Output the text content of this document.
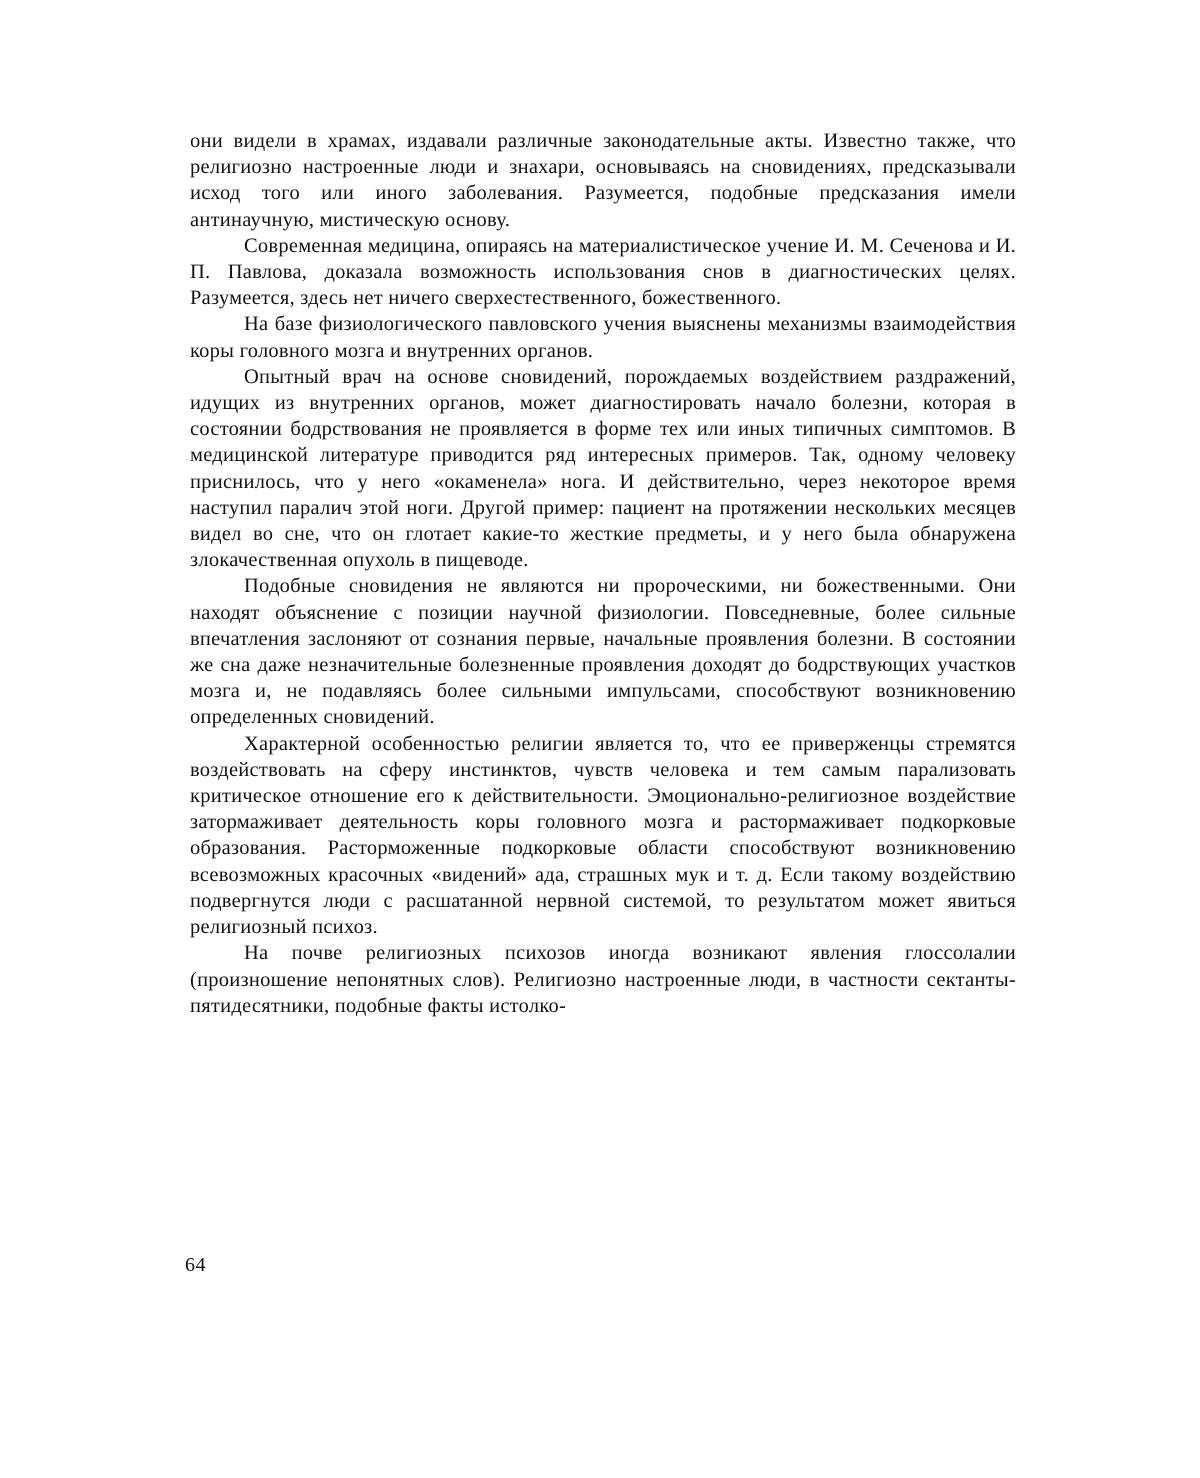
они видели в храмах, издавали различные законодательные акты. Известно также, что религиозно настроенные люди и знахари, осно­вываясь на сновидениях, предсказывали исход того или иного заболе­вания. Разумеется, подобные предсказания имели антинаучную, мис­тическую основу.

Современная медицина, опираясь на материалистическое учение И. М. Сеченова и И. П. Павлова, доказала возможность использова­ния снов в диагностических целях. Разумеется, здесь нет ничего сверх­естественного, божественного.

На базе физиологического павловского учения выяснены механиз­мы взаимодействия коры головного мозга и внутренних органов.

Опытный врач на основе сновидений, порождаемых воздействием раздражений, идущих из внутренних органов, может диагностировать начало болезни, которая в состоянии бодрствования не проявляется в форме тех или иных типичных симптомов. В медицинской литературе приводится ряд интересных примеров. Так, одному человеку присни­лось, что у него «окаменела» нога. И действительно, через некоторое время наступил паралич этой ноги. Другой пример: пациент на протя­жении нескольких месяцев видел во сне, что он глотает какие-то жест­кие предметы, и у него была обнаружена злокачественная опухоль в пищеводе.

Подобные сновидения не являются ни пророческими, ни божест­венными. Они находят объяснение с позиции научной физиологии. Повседневные, более сильные впечатления заслоняют от сознания пер­вые, начальные проявления болезни. В состоянии же сна даже незна­чительные болезненные проявления доходят до бодрствующих участ­ков мозга и, не подавляясь более сильными импульсами, способствуют возникновению определенных сновидений.

Характерной особенностью религии является то, что ее привер­женцы стремятся воздействовать на сферу инстинктов, чувств чело­века и тем самым парализовать критическое отношение его к действи­тельности. Эмоционально-религиозное воздействие затормаживает деятельность коры головного мозга и растормаживает подкорковые образования. Расторможенные подкорковые области способствуют возникновению всевозможных красочных «видений» ада, страшных мук и т. д. Если такому воздействию подвергнутся люди с расшатанной нервной системой, то результатом может явиться религиозный психоз.

На почве религиозных психозов иногда возникают явления глос­солалии (произношение непонятных слов). Религиозно настроенные люди, в частности сектанты-пятидесятники, подобные факты истолко-

64
